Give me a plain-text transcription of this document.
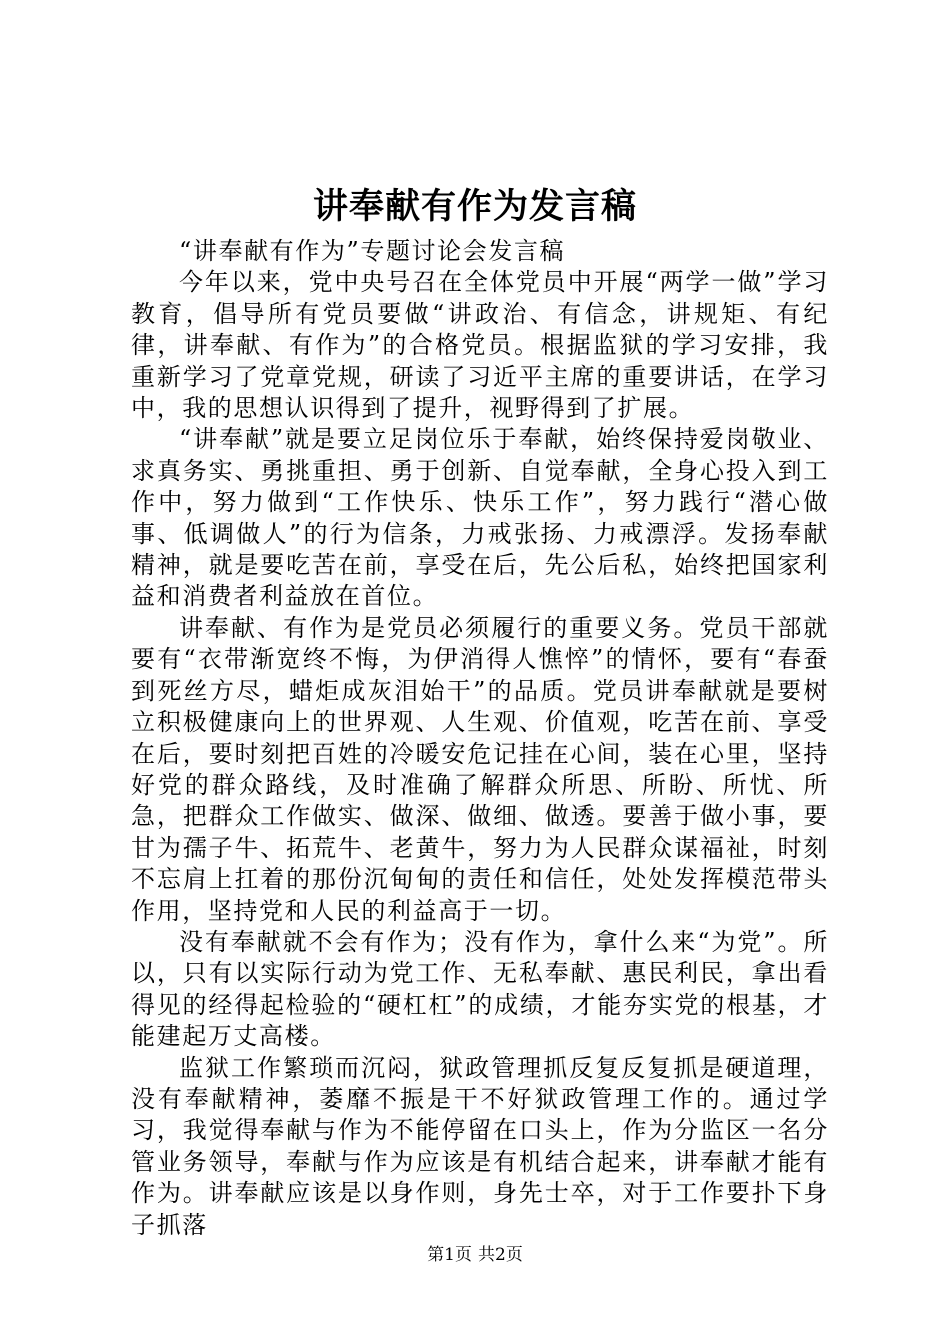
讲奉献有作为发言稿

“讲奉献有作为”专题讨论会发言稿

今年以来，党中央号召在全体党员中开展“两学一做”学习教育，倡导所有党员要做“讲政治、有信念，讲规矩、有纪律，讲奉献、有作为”的合格党员。根据监狱的学习安排，我重新学习了党章党规，研读了习近平主席的重要讲话，在学习中，我的思想认识得到了提升，视野得到了扩展。

“讲奉献”就是要立足岗位乐于奉献，始终保持爱岗敬业、求真务实、勇挑重担、勇于创新、自觉奉献，全身心投入到工作中，努力做到“工作快乐、快乐工作”，努力践行“潜心做事、低调做人”的行为信条，力戒张扬、力戒漂浮。发扬奉献精神，就是要吃苦在前，享受在后，先公后私，始终把国家利益和消费者利益放在首位。

讲奉献、有作为是党员必须履行的重要义务。党员干部就要有“衣带渐宽终不悔，为伊消得人憔悴”的情怀，要有“春蚕到死丝方尽，蜡炬成灰泪始干”的品质。党员讲奉献就是要树立积极健康向上的世界观、人生观、价值观，吃苦在前、享受在后，要时刻把百姓的冷暖安危记挂在心间，装在心里，坚持好党的群众路线，及时准确了解群众所思、所盼、所忧、所急，把群众工作做实、做深、做细、做透。要善于做小事，要甘为孺子牛、拓荒牛、老黄牛，努力为人民群众谋福祉，时刻不忘肩上扛着的那份沉甸甸的责任和信任，处处发挥模范带头作用，坚持党和人民的利益高于一切。

没有奉献就不会有作为；没有作为，拿什么来“为党”。所以，只有以实际行动为党工作、无私奉献、惠民利民，拿出看得见的经得起检验的“硬杠杠”的成绩，才能夯实党的根基，才能建起万丈高楼。

监狱工作繁琐而沉闷，狱政管理抓反复反复抓是硬道理，没有奉献精神，萎靡不振是干不好狱政管理工作的。通过学习，我觉得奉献与作为不能停留在口头上，作为分监区一名分管业务领导，奉献与作为应该是有机结合起来，讲奉献才能有作为。讲奉献应该是以身作则，身先士卒，对于工作要扑下身子抓落

第1页 共2页
